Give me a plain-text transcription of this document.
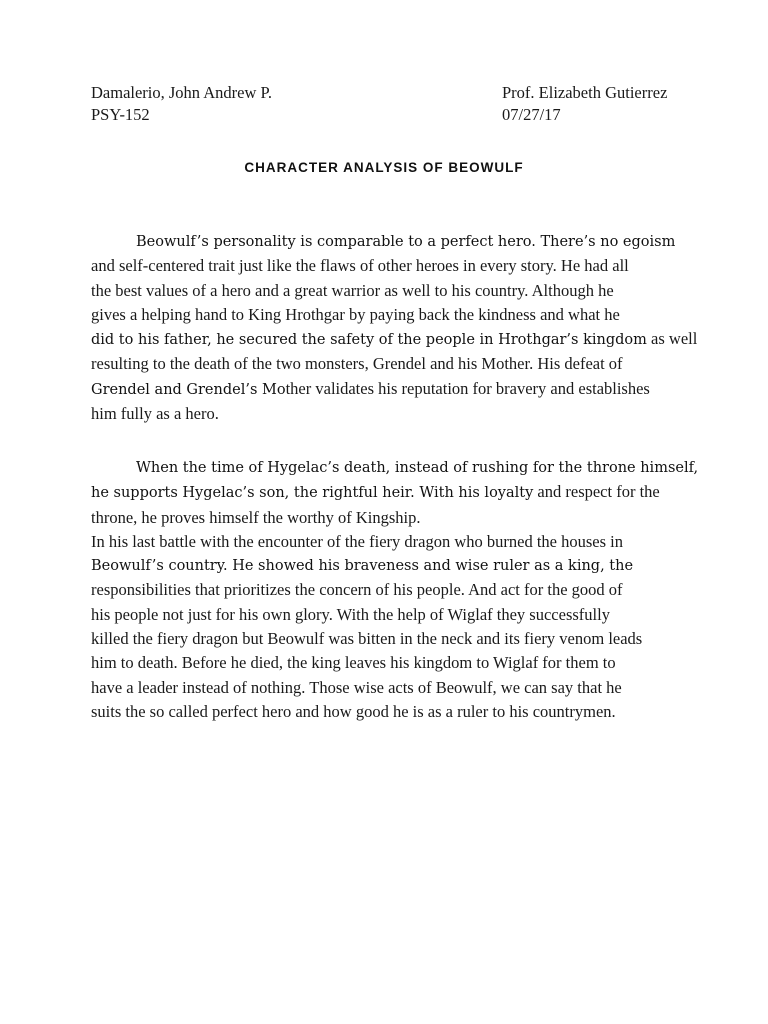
Damalerio, John Andrew P.
PSY-152
Prof. Elizabeth Gutierrez
07/27/17
CHARACTER ANALYSIS OF BEOWULF
Beowulf’s personality is comparable to a perfect hero. There’s no egoism
and self-centered trait just like the flaws of other heroes in every story. He had all
the best values of a hero and a great warrior as well to his country. Although he
gives a helping hand to King Hrothgar by paying back the kindness and what he
did to his father, he secured the safety of the people in Hrothgar’s kingdom as well
resulting to the death of the two monsters, Grendel and his Mother. His defeat of
Grendel and Grendel’s Mother validates his reputation for bravery and establishes
him fully as a hero.
When the time of Hygelac’s death, instead of rushing for the throne himself,
he supports Hygelac’s son, the rightful heir. With his loyalty and respect for the
throne, he proves himself the worthy of Kingship.
In his last battle with the encounter of the fiery dragon who burned the houses in
Beowulf’s country. He showed his braveness and wise ruler as a king, the
responsibilities that prioritizes the concern of his people. And act for the good of
his people not just for his own glory. With the help of Wiglaf they successfully
killed the fiery dragon but Beowulf was bitten in the neck and its fiery venom leads
him to death. Before he died, the king leaves his kingdom to Wiglaf for them to
have a leader instead of nothing. Those wise acts of Beowulf, we can say that he
suits the so called perfect hero and how good he is as a ruler to his countrymen.
